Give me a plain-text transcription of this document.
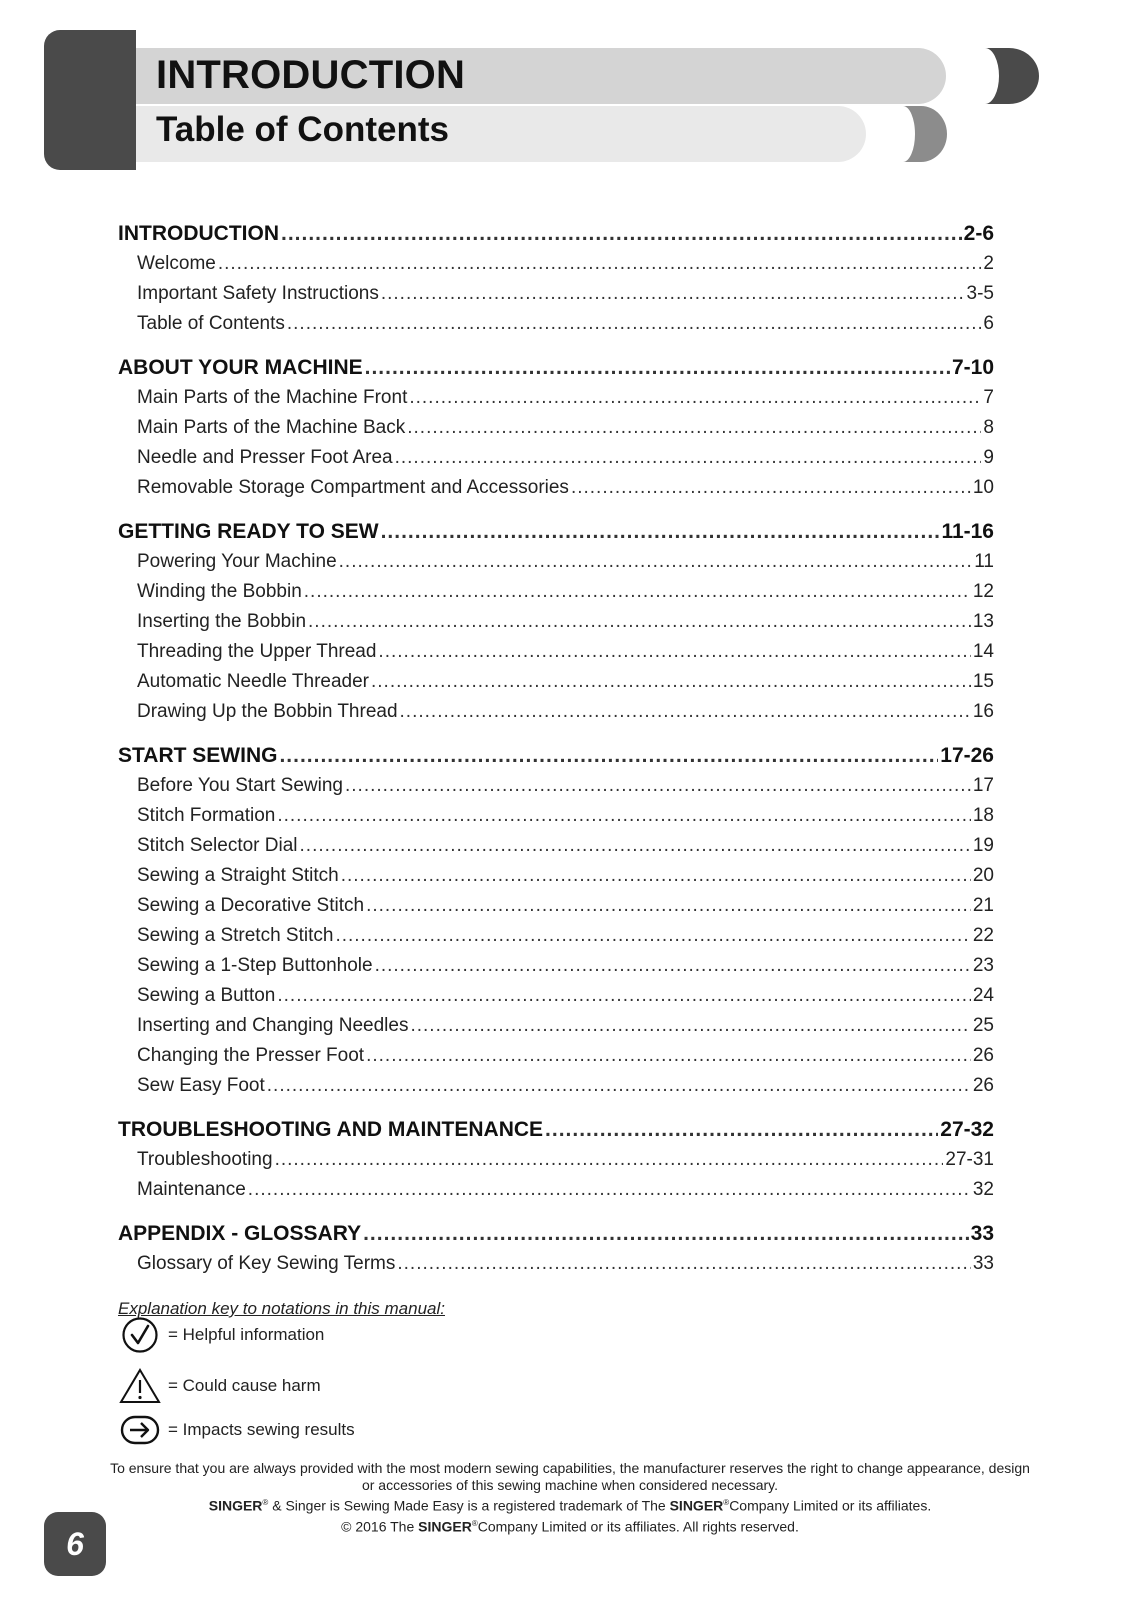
INTRODUCTION
Table of Contents
INTRODUCTION .....	2-6
Welcome .....	2
Important Safety Instructions .....	3-5
Table of Contents .....	6
ABOUT YOUR MACHINE .....	7-10
Main Parts of the Machine Front .....	7
Main Parts of the Machine Back .....	8
Needle and Presser Foot Area .....	9
Removable Storage Compartment and Accessories .....	10
GETTING READY TO SEW .....	11-16
Powering Your Machine .....	11
Winding the Bobbin .....	12
Inserting the Bobbin .....	13
Threading the Upper Thread .....	14
Automatic Needle Threader .....	15
Drawing Up the Bobbin Thread .....	16
START SEWING .....	17-26
Before You Start Sewing .....	17
Stitch Formation .....	18
Stitch Selector Dial .....	19
Sewing a Straight Stitch .....	20
Sewing a Decorative Stitch .....	21
Sewing a Stretch Stitch .....	22
Sewing a 1-Step Buttonhole .....	23
Sewing a Button .....	24
Inserting and Changing Needles .....	25
Changing the Presser Foot .....	26
Sew Easy Foot .....	26
TROUBLESHOOTING AND MAINTENANCE .....	27-32
Troubleshooting .....	27-31
Maintenance .....	32
APPENDIX - GLOSSARY .....	33
Glossary of Key Sewing Terms .....	33
Explanation key to notations in this manual:
= Helpful information
= Could cause harm
= Impacts sewing results
To ensure that you are always provided with the most modern sewing capabilities, the manufacturer reserves the right to change appearance, design or accessories of this sewing machine when considered necessary.
SINGER® & Singer is Sewing Made Easy is a registered trademark of The SINGER®Company Limited or its affiliates.
© 2016 The SINGER®Company Limited or its affiliates. All rights reserved.
6
